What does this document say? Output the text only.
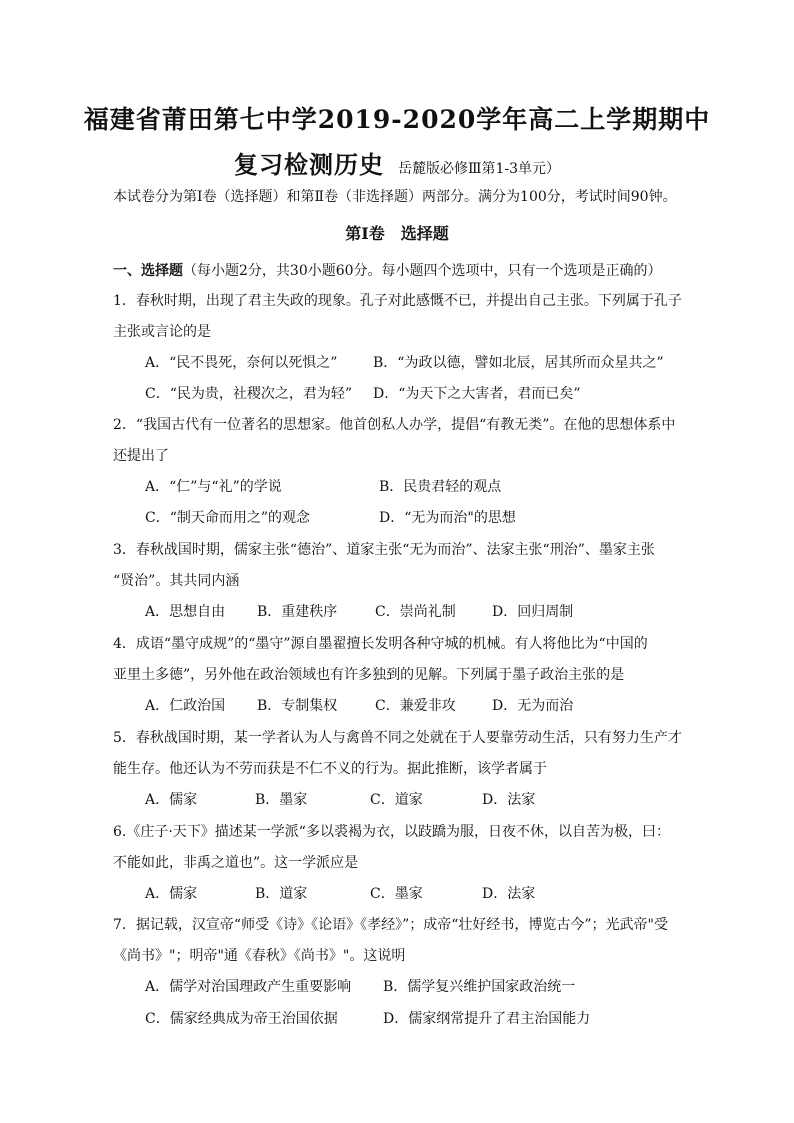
福建省莆田第七中学2019-2020学年高二上学期期中
复习检测历史 岳麓版必修Ⅲ第1-3单元）
本试卷分为第Ⅰ卷（选择题）和第Ⅱ卷（非选择题）两部分。满分为100分，考试时间90钟。
第Ⅰ卷　选择题
一、选择题（每小题2分，共30小题60分。每小题四个选项中，只有一个选项是正确的）
1．春秋时期，出现了君主失政的现象。孔子对此感慨不已，并提出自己主张。下列属于孔子
主张或言论的是
A．“民不畏死，奈何以死惧之”	B．“为政以德，譬如北辰，居其所而众星共之”
C．“民为贵，社稷次之，君为轻” D．“为天下之大害者，君而已矣”
2．“我国古代有一位著名的思想家。他首创私人办学，提倡“有教无类”。在他的思想体系中
还提出了
A．“仁”与“礼”的学说	B．民贵君轻的观点
C．“制天命而用之”的观念	D．“无为而治"的思想
3．春秋战国时期，儒家主张“德治”、道家主张“无为而治”、法家主张“刑治”、墨家主张
“贤治”。其共同内涵
A．思想自由 B．重建秩序	C．崇尚礼制	D．回归周制
4．成语“墨守成规”的“墨守”源自墨翟擅长发明各种守城的机械。有人将他比为“中国的
亚里土多德”，另外他在政治领域也有许多独到的见解。下列属于墨子政治主张的是
A．仁政治国 B．专制集权	C．兼爱非攻	D．无为而治
5．春秋战国时期，某一学者认为人与禽兽不同之处就在于人要靠劳动生活，只有努力生产才
能生存。他还认为不劳而获是不仁不义的行为。据此推断，该学者属于
A．儒家	B．墨家	C．道家	D．法家
6.《庄子·天下》描述某一学派“多以裘褐为衣，以跂蹻为服，日夜不休，以自苦为极，曰：
不能如此，非禹之道也”。这一学派应是
A．儒家	B．道家	C．墨家	D．法家
7．据记载，汉宣帝“师受《诗》《论语》《孝经》”；成帝“壮好经书，博览古今”；光武帝"受
《尚书》"；明帝"通《春秋》《尚书》"。这说明
A．儒学对治国理政产生重要影响 B．儒学复兴维护国家政治统一
C．儒家经典成为帝王治国依据	D．儒家纲常提升了君主治国能力
